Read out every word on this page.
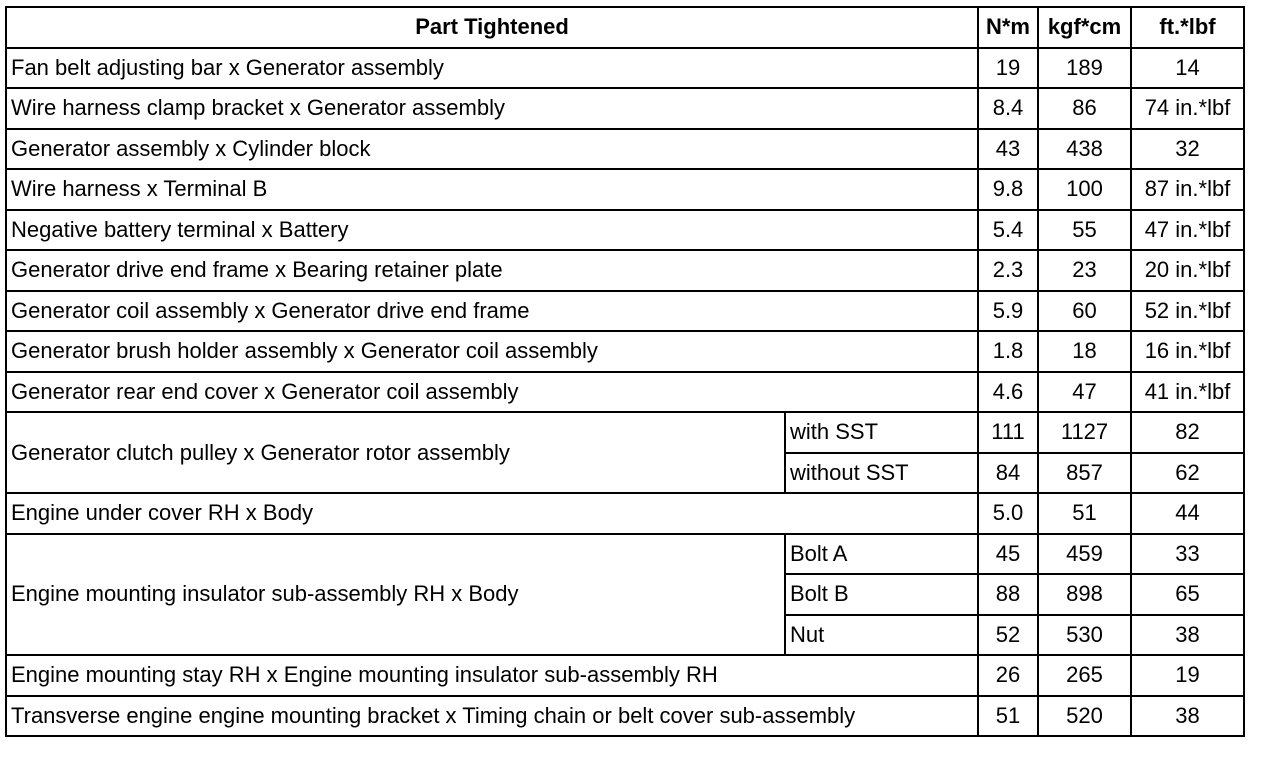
Part Tightened		N*m	kgf*cm	ft.*lbf
Fan belt adjusting bar x Generator assembly		19	189	14
Wire harness clamp bracket x Generator assembly		8.4	86	74 in.*lbf
Generator assembly x Cylinder block		43	438	32
Wire harness x Terminal B		9.8	100	87 in.*lbf
Negative battery terminal x Battery		5.4	55	47 in.*lbf
Generator drive end frame x Bearing retainer plate		2.3	23	20 in.*lbf
Generator coil assembly x Generator drive end frame		5.9	60	52 in.*lbf
Generator brush holder assembly x Generator coil assembly		1.8	18	16 in.*lbf
Generator rear end cover x Generator coil assembly		4.6	47	41 in.*lbf
Generator clutch pulley x Generator rotor assembly	with SST	111	1127	82
	without SST	84	857	62
Engine under cover RH x Body		5.0	51	44
Engine mounting insulator sub-assembly RH x Body	Bolt A	45	459	33
	Bolt B	88	898	65
	Nut	52	530	38
Engine mounting stay RH x Engine mounting insulator sub-assembly RH		26	265	19
Transverse engine engine mounting bracket x Timing chain or belt cover sub-assembly		51	520	38
